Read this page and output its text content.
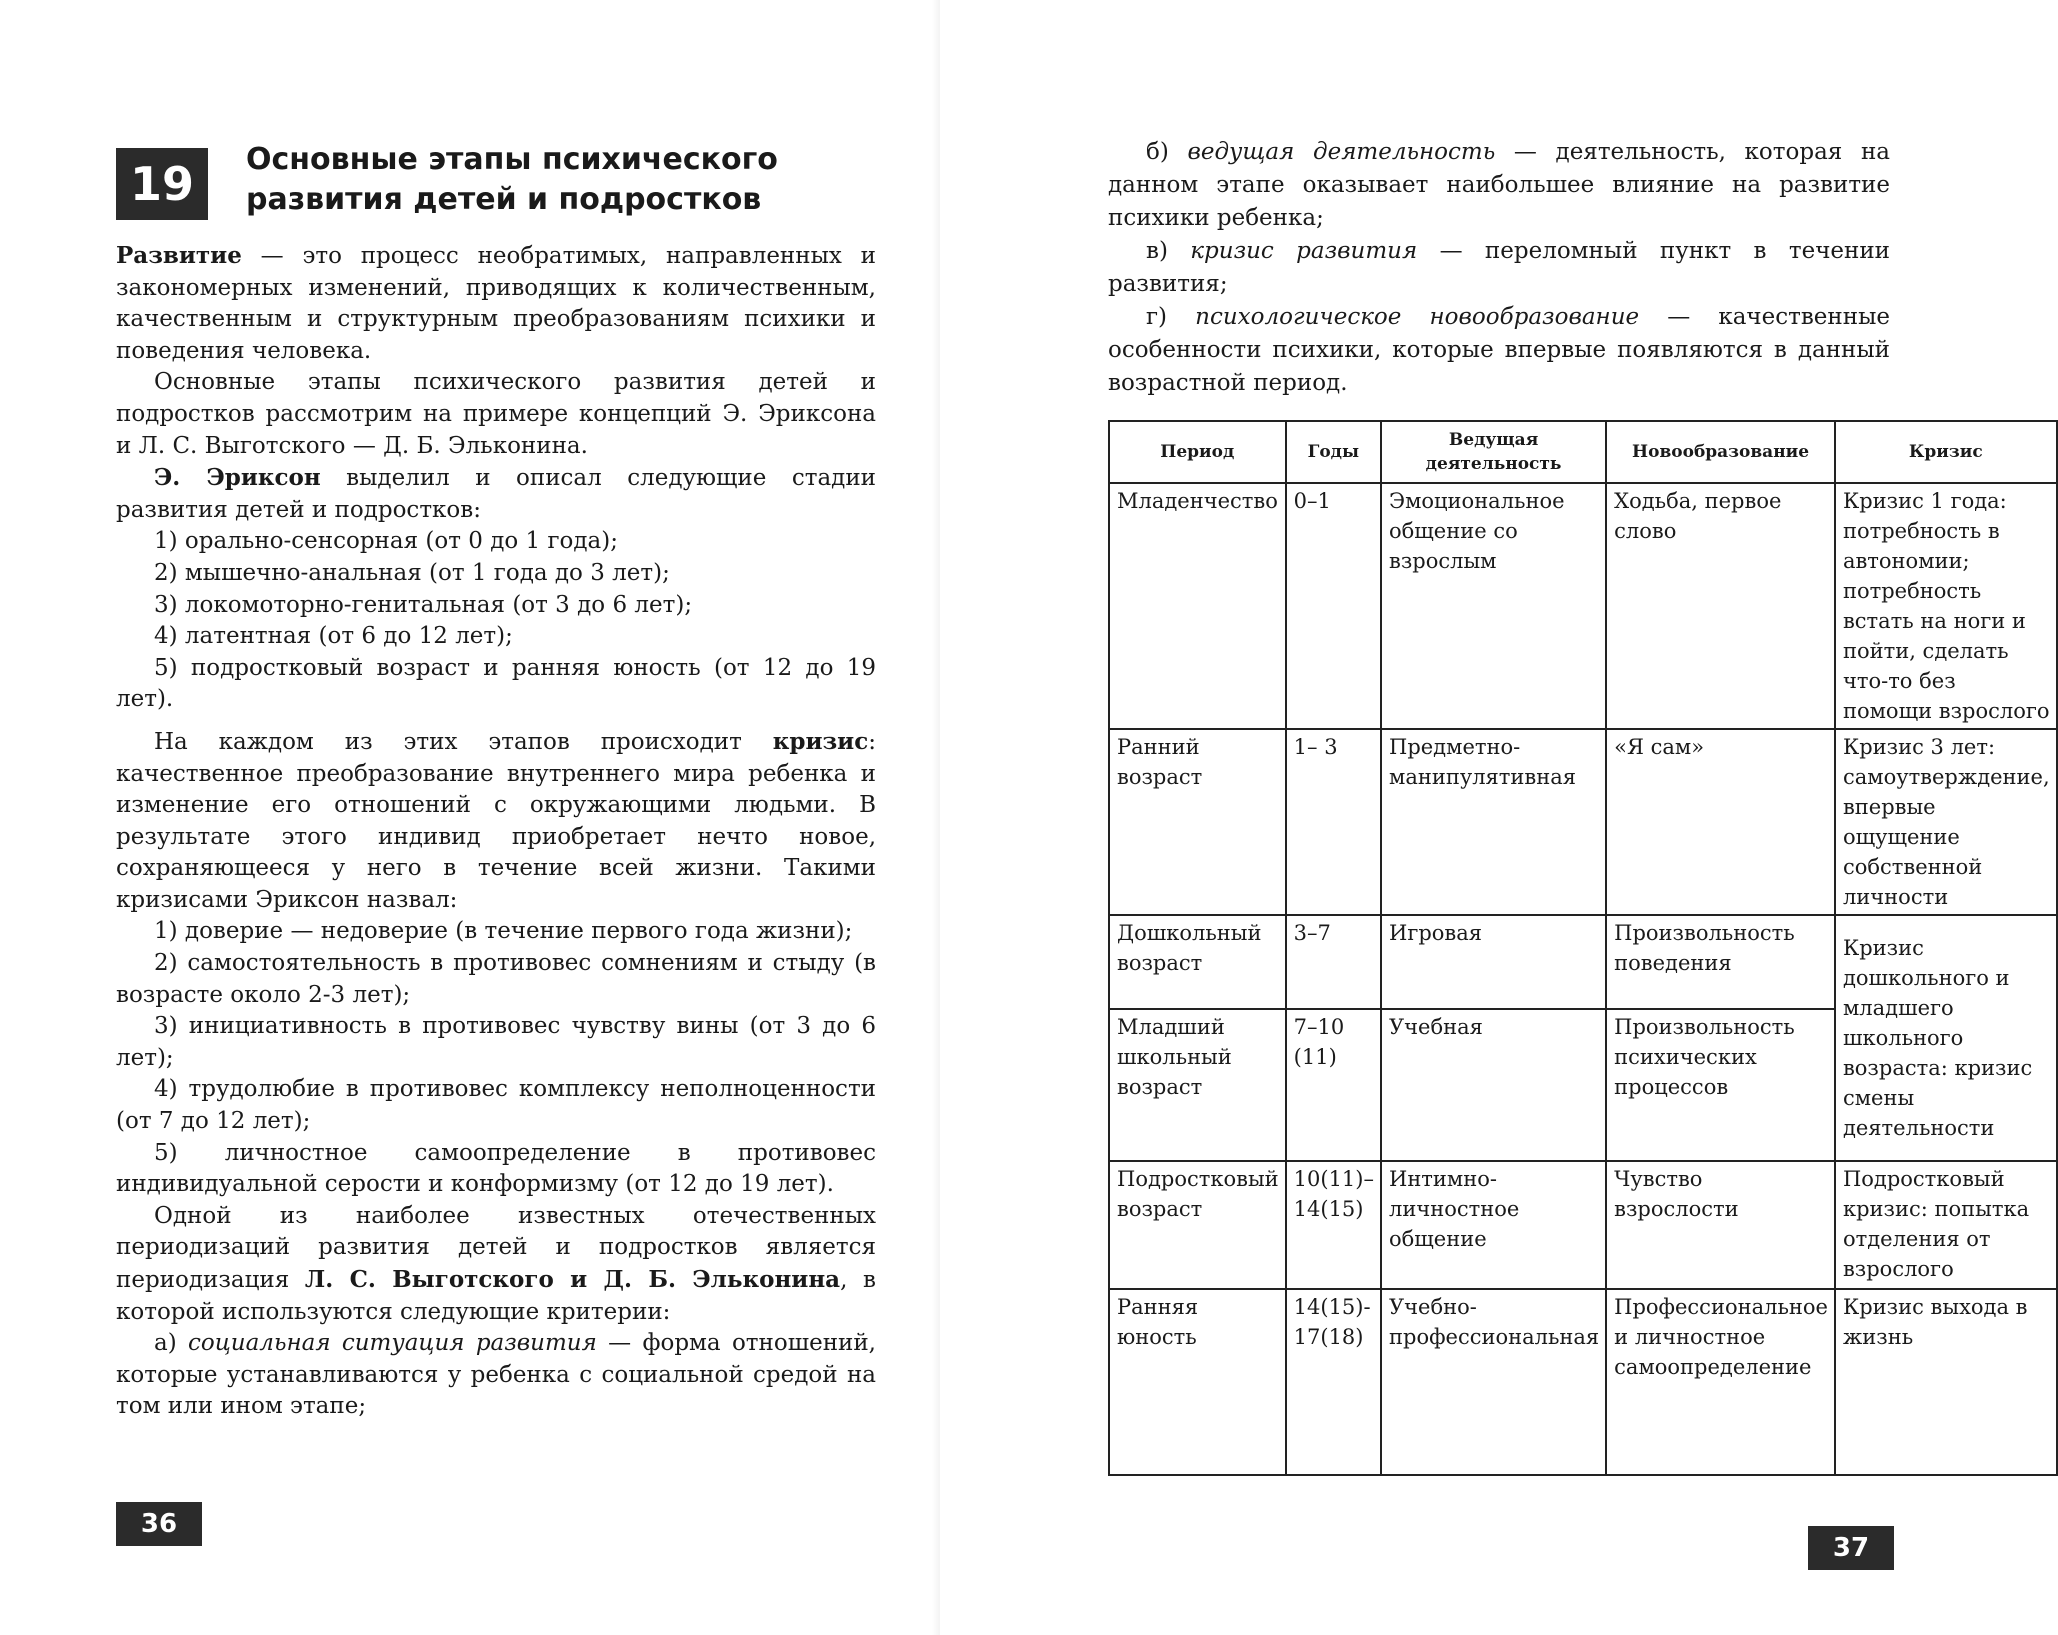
19	Основные этапы психического развития детей и подростков

Развитие — это процесс необратимых, направленных и закономерных изменений, приводящих к количественным, качественным и структурным преобразованиям психики и поведения человека.

Основные этапы психического развития детей и подростков рассмотрим на примере концепций Э. Эриксона и Л. С. Выготского — Д. Б. Эльконина.

Э. Эриксон выделил и описал следующие стадии развития детей и подростков:

1) орально-сенсорная (от 0 до 1 года);

2) мышечно-анальная (от 1 года до 3 лет);

3) локомоторно-генитальная (от 3 до 6 лет);

4) латентная (от 6 до 12 лет);

5) подростковый возраст и ранняя юность (от 12 до 19 лет).

На каждом из этих этапов происходит кризис: качественное преобразование внутреннего мира ребенка и изменение его отношений с окружающими людьми. В результате этого индивид приобретает нечто новое, сохраняющееся у него в течение всей жизни. Такими кризисами Эриксон назвал:

1) доверие — недоверие (в течение первого года жизни);

2) самостоятельность в противовес сомнениям и стыду (в возрасте около 2-3 лет);

3) инициативность в противовес чувству вины (от 3 до 6 лет);

4) трудолюбие в противовес комплексу неполноценности (от 7 до 12 лет);

5) личностное самоопределение в противовес индивидуальной серости и конформизму (от 12 до 19 лет).

Одной из наиболее известных отечественных периодизаций развития детей и подростков является периодизация Л. С. Выготского и Д. Б. Эльконина, в которой используются следующие критерии:

а) социальная ситуация развития — форма отношений, которые устанавливаются у ребенка с социальной средой на том или ином этапе;

36

б) ведущая деятельность — деятельность, которая на данном этапе оказывает наибольшее влияние на развитие психики ребенка;

в) кризис развития — переломный пункт в течении развития;

г) психологическое новообразование — качественные особенности психики, которые впервые появляются в данный возрастной период.

Период	Годы	Ведущая деятельность	Новообразование	Кризис
Младенчество	0–1	Эмоциональное общение со взрослым	Ходьба, первое слово	Кризис 1 года: потребность в автономии; потребность встать на ноги и пойти, сделать что-то без помощи взрослого
Ранний возраст	1– 3	Предметно-манипулятивная	«Я сам»	Кризис 3 лет: самоутверждение, впервые ощущение собственной личности
Дошкольный возраст	3–7	Игровая	Произвольность поведения	Кризис дошкольного и младшего школьного возраста: кризис смены деятельности
Младший школьный возраст	7–10 (11)	Учебная	Произвольность психических процессов	
Подростковый возраст	10(11)– 14(15)	Интимно-личностное общение	Чувство взрослости	Подростковый кризис: попытка отделения от взрослого
Ранняя юность	14(15)- 17(18)	Учебно-профессиональная	Профессиональное и личностное самоопределение	Кризис выхода в жизнь
37
